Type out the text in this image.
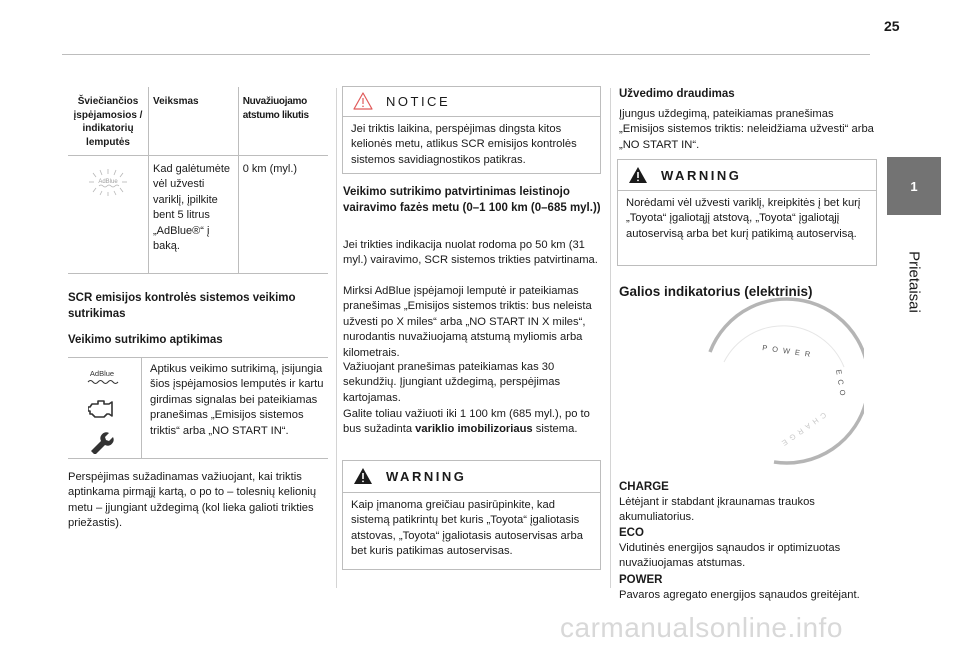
25
1
Prietaisai
Šviečiančios įspėjamosios / indikatorių lemputės	Veiksmas	Nuvažiuojamo atstumo likutis

AdBlue	Kad galėtumėte vėl užvesti variklį, įpilkite bent 5 litrus „AdBlue®“ į baką.	0 km (myl.)
SCR emisijos kontrolės sistemos veikimo sutrikimas
Veikimo sutrikimo aptikimas
AdBlue	Aptikus veikimo sutrikimą, įsijungia šios įspėjamosios lemputės ir kartu girdimas signalas bei pateikiamas pranešimas „Emisijos sistemos triktis“ arba „NO START IN“.
Perspėjimas sužadinamas važiuojant, kai triktis aptinkama pirmąjį kartą, o po to – tolesnių kelionių metu – įjungiant uždegimą (kol lieka galioti trikties priežastis).
NOTICE
Jei triktis laikina, perspėjimas dingsta kitos kelionės metu, atlikus SCR emisijos kontrolės sistemos savidiagnostikos patikras.
Veikimo sutrikimo patvirtinimas leistinojo vairavimo fazės metu (0–1 100 km (0–685 myl.))
Jei trikties indikacija nuolat rodoma po 50 km (31 myl.) vairavimo, SCR sistemos trikties patvirtinama.
Mirksi AdBlue įspėjamoji lemputė ir pateikiamas pranešimas „Emisijos sistemos triktis: bus neleista užvesti po X miles“ arba „NO START IN X miles“, nurodantis nuvažiuojamą atstumą myliomis arba kilometrais.
Važiuojant pranešimas pateikiamas kas 30 sekundžių. Įjungiant uždegimą, perspėjimas kartojamas.
Galite toliau važiuoti iki 1 100 km (685 myl.), po to bus sužadinta variklio imobilizoriaus sistema.
WARNING
Kaip įmanoma greičiau pasirūpinkite, kad sistemą patikrintų bet kuris „Toyota“ įgaliotasis atstovas, „Toyota“ įgaliotasis autoservisas arba bet kuris patikimas autoservisas.
Užvedimo draudimas
Įjungus uždegimą, pateikiamas pranešimas „Emisijos sistemos triktis: neleidžiama užvesti“ arba „NO START IN“.
WARNING
Norėdami vėl užvesti variklį, kreipkitės į bet kurį „Toyota“ įgaliotąjį atstovą, „Toyota“ įgaliotąjį autoservisą arba bet kurį patikimą autoservisą.
Galios indikatorius (elektrinis)
POWER
ECO
CHARGE
CHARGE
Lėtėjant ir stabdant įkraunamas traukos akumuliatorius.
ECO
Vidutinės energijos sąnaudos ir optimizuotas nuvažiuojamas atstumas.
POWER
Pavaros agregato energijos sąnaudos greitėjant.
carmanualsonline.info
